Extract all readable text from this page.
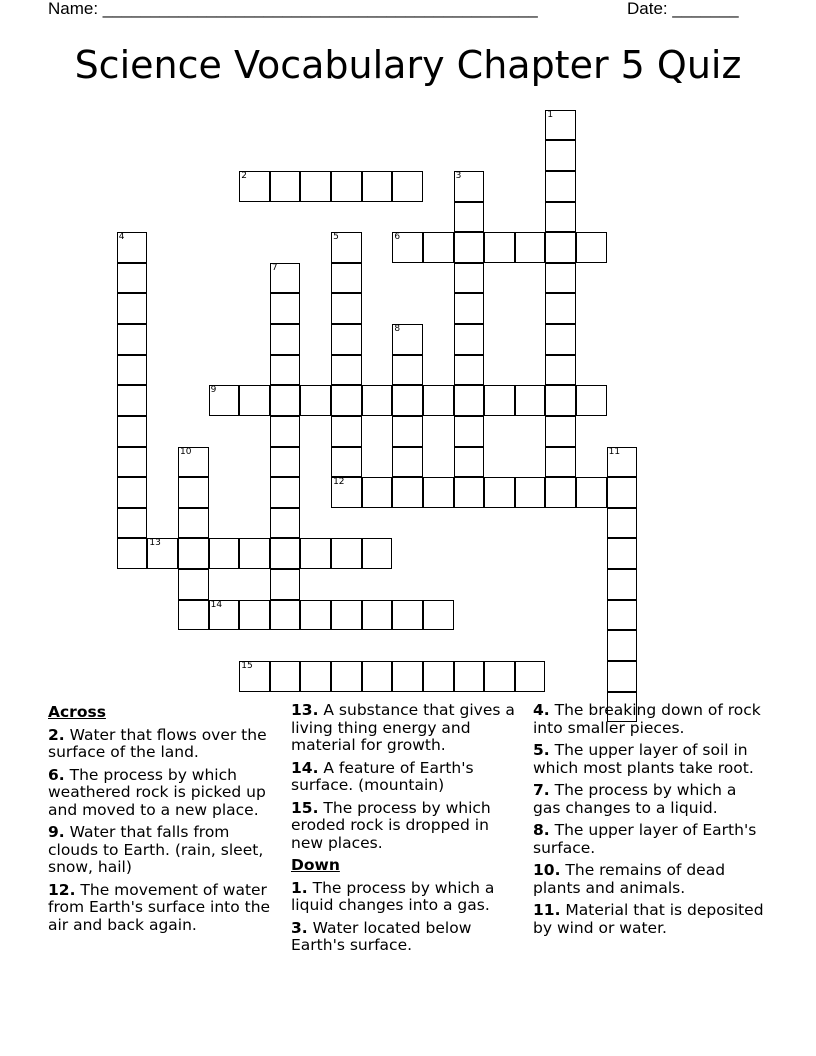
Name: ______________________________________________	Date: _______
Science Vocabulary Chapter 5 Quiz
1
2	3
4	5	6
7
8
9
10	11
12
13
14
15
Across
2. Water that flows over the surface of the land.
6. The process by which weathered rock is picked up and moved to a new place.
9. Water that falls from clouds to Earth. (rain, sleet, snow, hail)
12. The movement of water from Earth's surface into the air and back again.
13. A substance that gives a living thing energy and material for growth.
14. A feature of Earth's surface. (mountain)
15. The process by which eroded rock is dropped in new places.
Down
1. The process by which a liquid changes into a gas.
3. Water located below Earth's surface.
4. The breaking down of rock into smaller pieces.
5. The upper layer of soil in which most plants take root.
7. The process by which a gas changes to a liquid.
8. The upper layer of Earth's surface.
10. The remains of dead plants and animals.
11. Material that is deposited by wind or water.
